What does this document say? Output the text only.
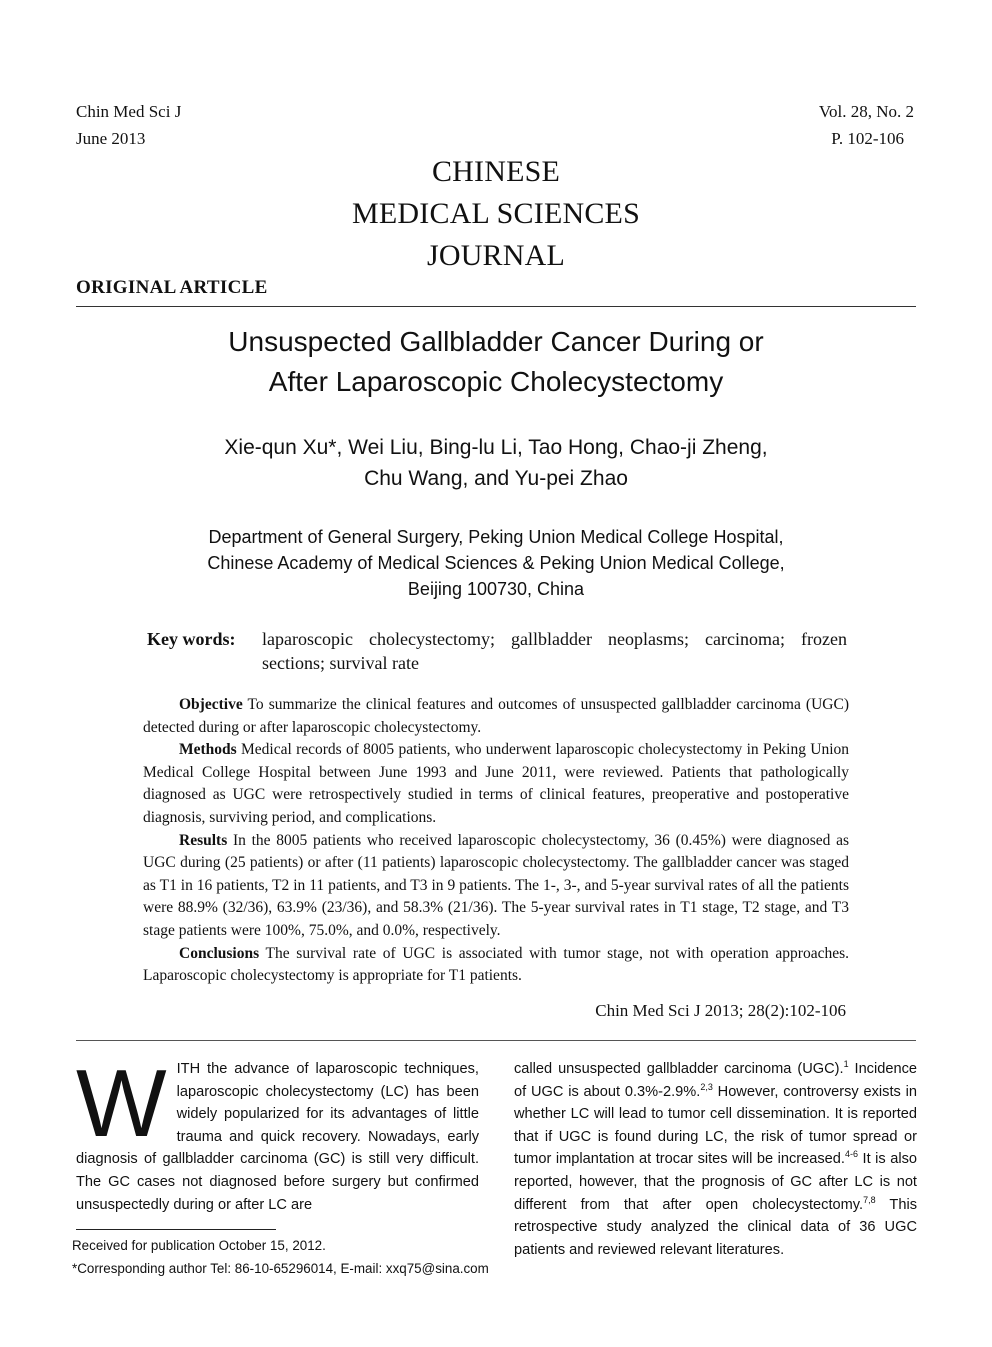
Chin Med Sci J
June 2013
Vol. 28, No. 2
P. 102-106
CHINESE
MEDICAL SCIENCES
JOURNAL
ORIGINAL ARTICLE
Unsuspected Gallbladder Cancer During or
After Laparoscopic Cholecystectomy
Xie-qun Xu*, Wei Liu, Bing-lu Li, Tao Hong, Chao-ji Zheng,
Chu Wang, and Yu-pei Zhao
Department of General Surgery, Peking Union Medical College Hospital,
Chinese Academy of Medical Sciences & Peking Union Medical College,
Beijing 100730, China
Key words: laparoscopic cholecystectomy; gallbladder neoplasms; carcinoma; frozen sections; survival rate

Objective To summarize the clinical features and outcomes of unsuspected gallbladder carcinoma (UGC) detected during or after laparoscopic cholecystectomy.

Methods Medical records of 8005 patients, who underwent laparoscopic cholecystectomy in Peking Union Medical College Hospital between June 1993 and June 2011, were reviewed. Patients that pathologically diagnosed as UGC were retrospectively studied in terms of clinical features, preoperative and postoperative diagnosis, surviving period, and complications.

Results In the 8005 patients who received laparoscopic cholecystectomy, 36 (0.45%) were diagnosed as UGC during (25 patients) or after (11 patients) laparoscopic cholecystectomy. The gallbladder cancer was staged as T1 in 16 patients, T2 in 11 patients, and T3 in 9 patients. The 1-, 3-, and 5-year survival rates of all the patients were 88.9% (32/36), 63.9% (23/36), and 58.3% (21/36). The 5-year survival rates in T1 stage, T2 stage, and T3 stage patients were 100%, 75.0%, and 0.0%, respectively.

Conclusions The survival rate of UGC is associated with tumor stage, not with operation approaches. Laparoscopic cholecystectomy is appropriate for T1 patients.

Chin Med Sci J 2013; 28(2):102-106
WITH the advance of laparoscopic techniques, laparoscopic cholecystectomy (LC) has been widely popularized for its advantages of little trauma and quick recovery. Nowadays, early diagnosis of gallbladder carcinoma (GC) is still very difficult. The GC cases not diagnosed before surgery but confirmed unsuspectedly during or after LC are
called unsuspected gallbladder carcinoma (UGC).$^1$ Incidence of UGC is about 0.3%-2.9%.$^{2,3}$ However, controversy exists in whether LC will lead to tumor cell dissemination. It is reported that if UGC is found during LC, the risk of tumor spread or tumor implantation at trocar sites will be increased.$^{4-6}$ It is also reported, however, that the prognosis of GC after LC is not different from that after open cholecystectomy.$^{7,8}$ This retrospective study analyzed the clinical data of 36 UGC patients and reviewed relevant literatures.
Received for publication October 15, 2012.
*Corresponding author Tel: 86-10-65296014, E-mail: xxq75@sina.com
